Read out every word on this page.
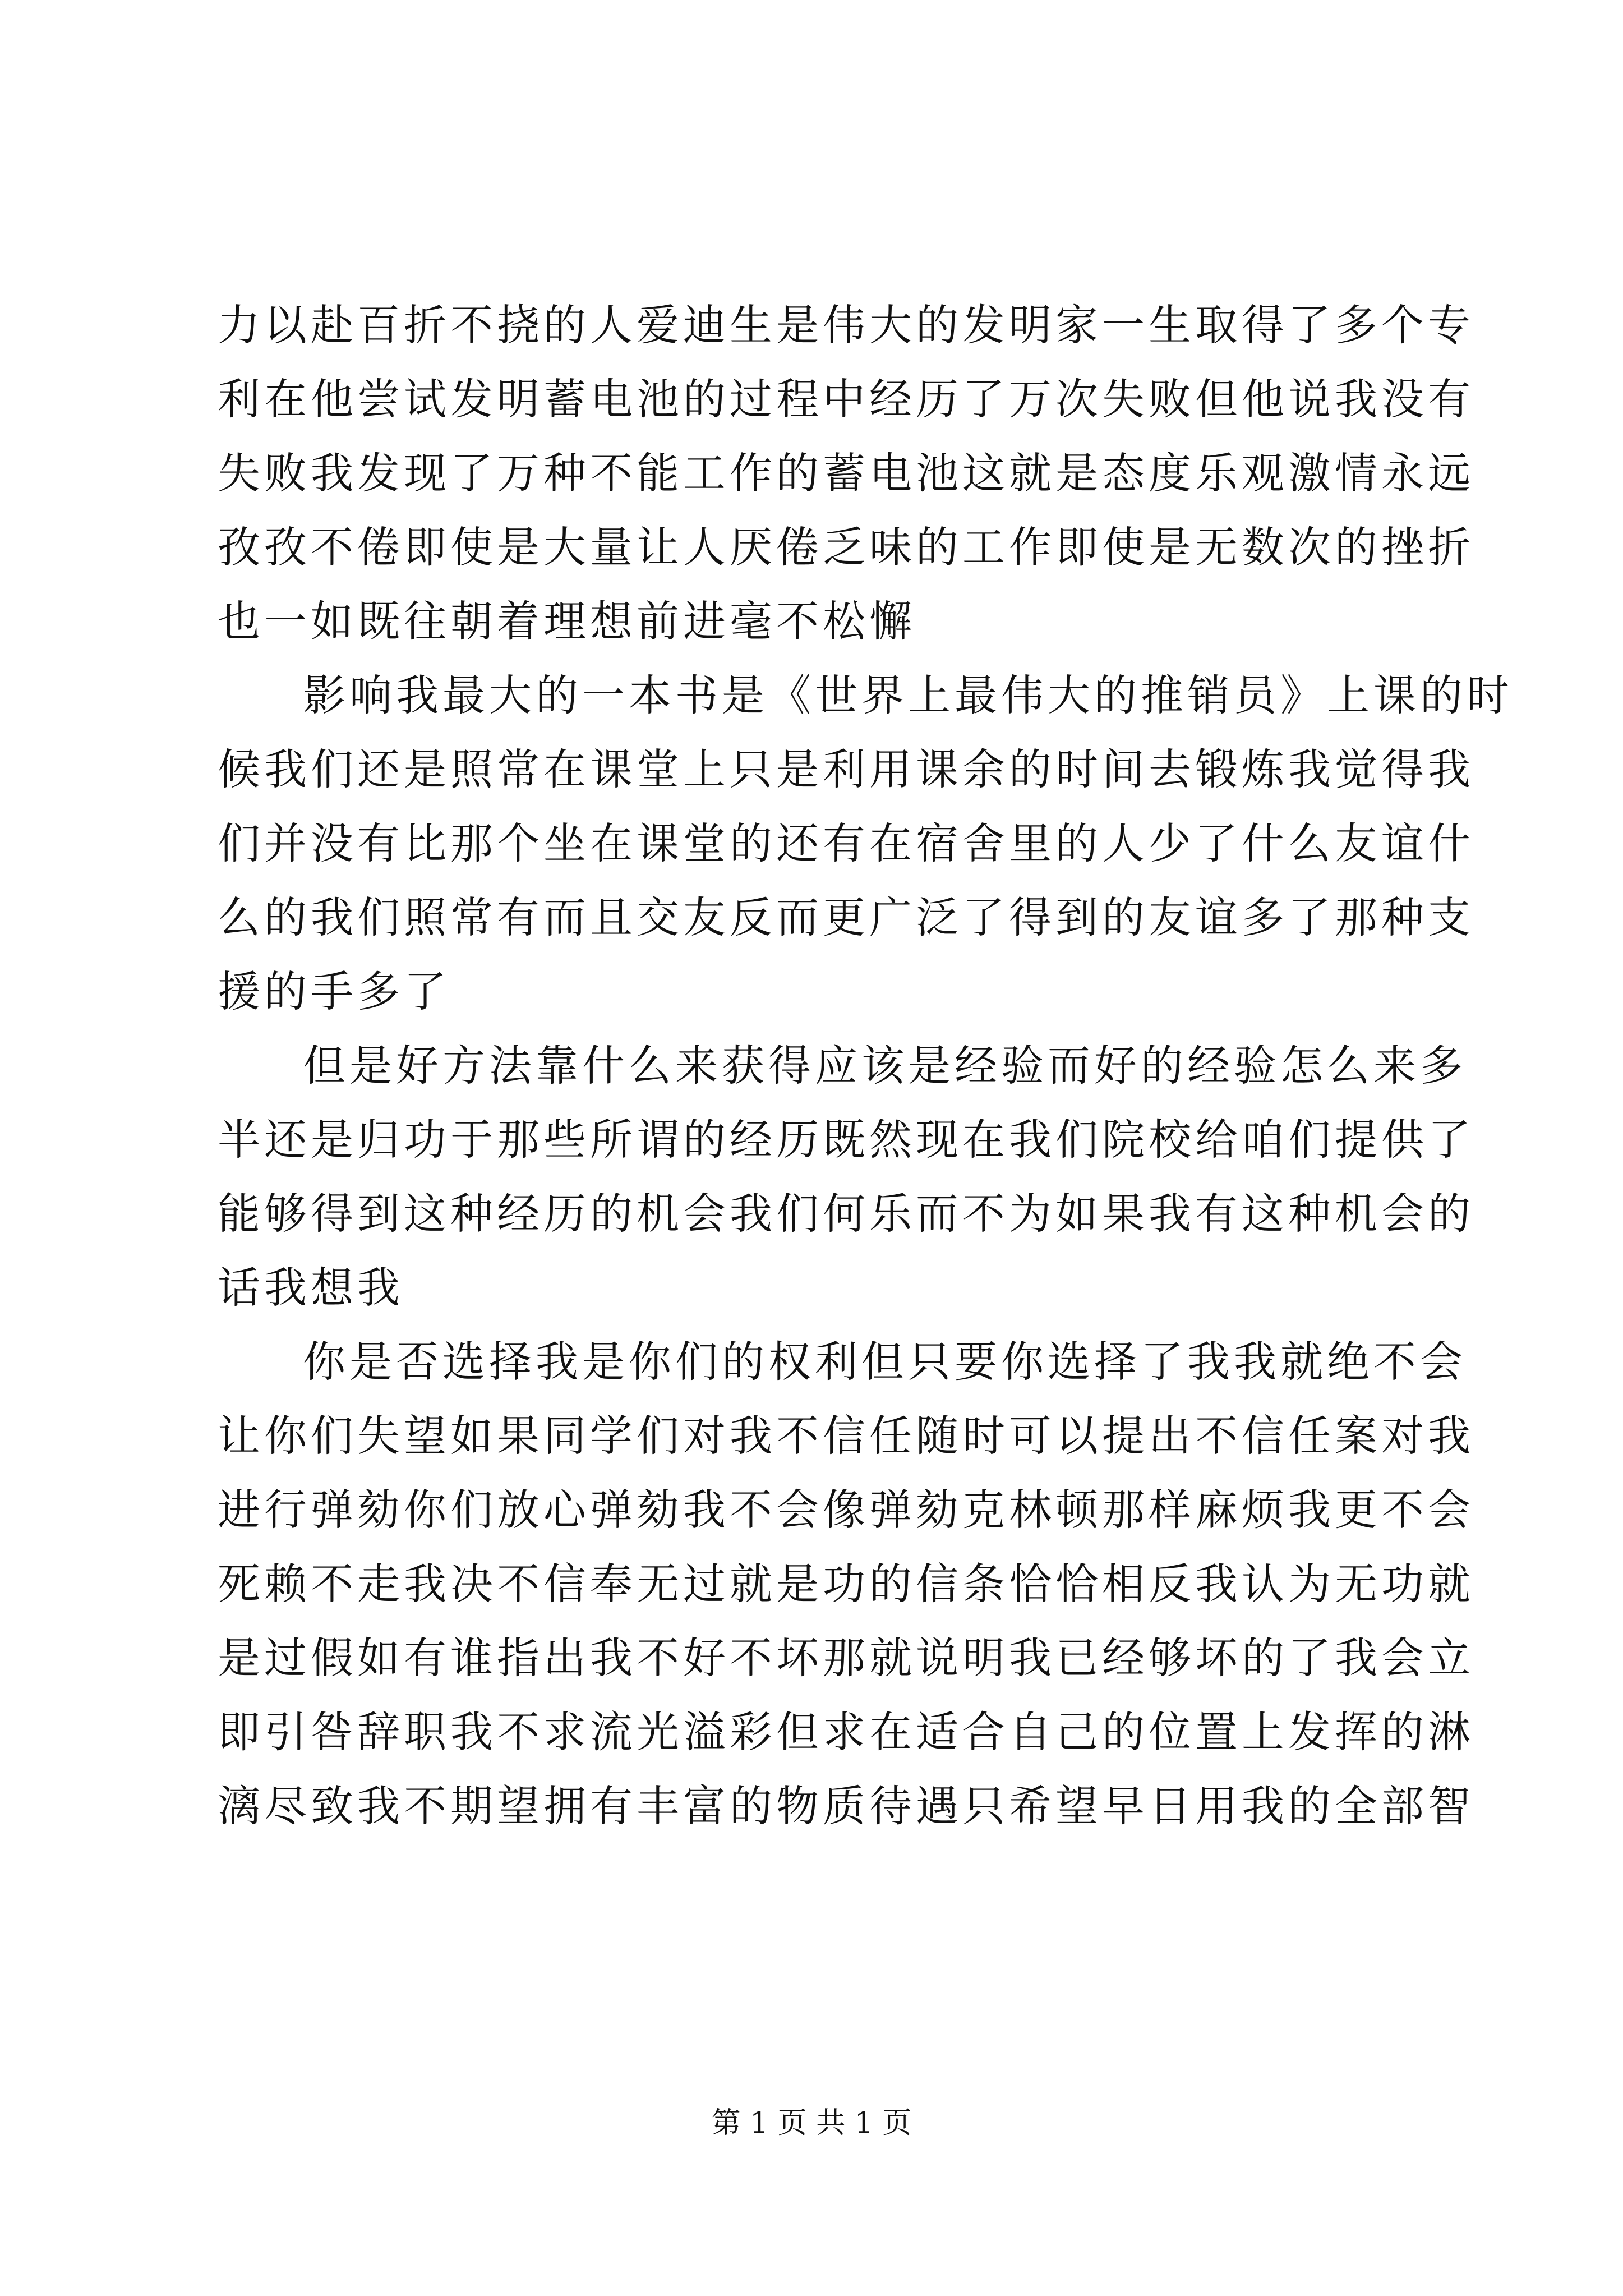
力以赴百折不挠的人爱迪生是伟大的发明家一生取得了多个专
利在他尝试发明蓄电池的过程中经历了万次失败但他说我没有
失败我发现了万种不能工作的蓄电池这就是态度乐观激情永远
孜孜不倦即使是大量让人厌倦乏味的工作即使是无数次的挫折
也一如既往朝着理想前进毫不松懈
影响我最大的一本书是《世界上最伟大的推销员》上课的时
候我们还是照常在课堂上只是利用课余的时间去锻炼我觉得我
们并没有比那个坐在课堂的还有在宿舍里的人少了什么友谊什
么的我们照常有而且交友反而更广泛了得到的友谊多了那种支
援的手多了
但是好方法靠什么来获得应该是经验而好的经验怎么来多
半还是归功于那些所谓的经历既然现在我们院校给咱们提供了
能够得到这种经历的机会我们何乐而不为如果我有这种机会的
话我想我
你是否选择我是你们的权利但只要你选择了我我就绝不会
让你们失望如果同学们对我不信任随时可以提出不信任案对我
进行弹劾你们放心弹劾我不会像弹劾克林顿那样麻烦我更不会
死赖不走我决不信奉无过就是功的信条恰恰相反我认为无功就
是过假如有谁指出我不好不坏那就说明我已经够坏的了我会立
即引咎辞职我不求流光溢彩但求在适合自己的位置上发挥的淋
漓尽致我不期望拥有丰富的物质待遇只希望早日用我的全部智
第 1 页 共 1 页
